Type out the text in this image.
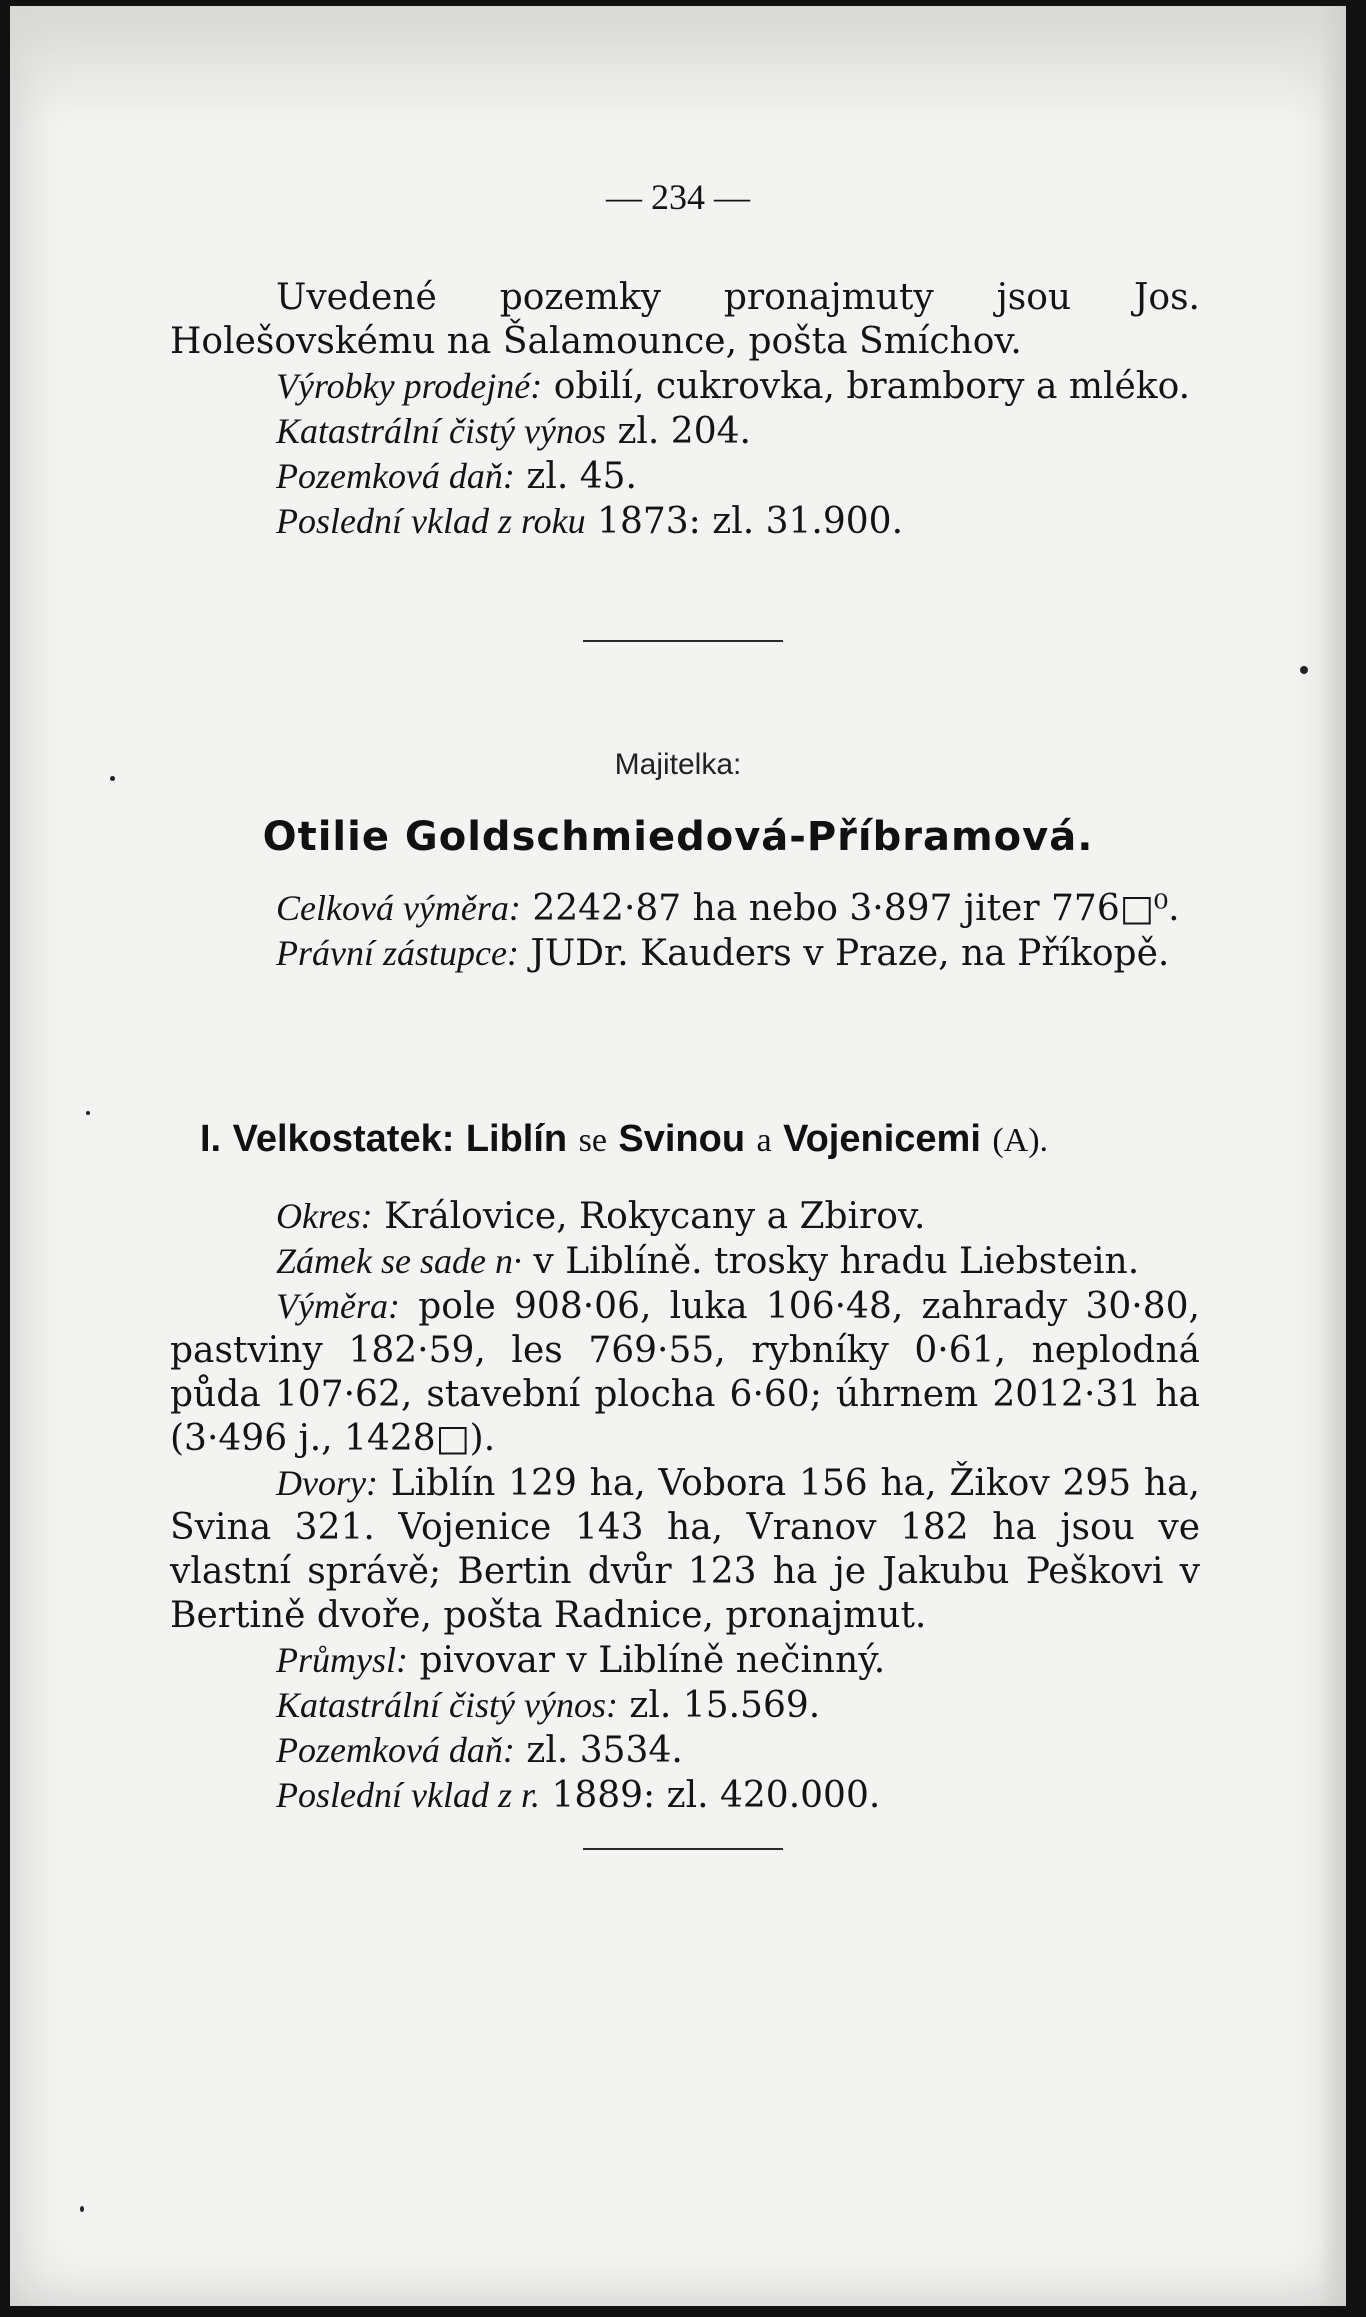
— 234 —

Uvedené pozemky pronajmuty jsou Jos. Holešovskému na Šalamounce, pošta Smíchov.

Výrobky prodejné: obilí, cukrovka, brambory a mléko.

Katastrální čistý výnos zl. 204.

Pozemková daň: zl. 45.

Poslední vklad z roku 1873: zl. 31.900.

Majitelka:
Otilie Goldschmiedová-Příbramová.

Celková výměra: 2242·87 ha nebo 3·897 jiter 776□⁰.

Právní zástupce: JUDr. Kauders v Praze, na Příkopě.

I. Velkostatek: Liblín se Svinou a Vojenicemi (A).

Okres: Královice, Rokycany a Zbirov.

Zámek se sade n· v Liblíně. trosky hradu Liebstein.

Výměra: pole 908·06, luka 106·48, zahrady 30·80, pastviny 182·59, les 769·55, rybníky 0·61, neplodná půda 107·62, stavební plocha 6·60; úhrnem 2012·31 ha (3·496 j., 1428□).

Dvory: Liblín 129 ha, Vobora 156 ha, Žikov 295 ha, Svina 321. Vojenice 143 ha, Vranov 182 ha jsou ve vlastní správě; Bertin dvůr 123 ha je Jakubu Peškovi v Bertině dvoře, pošta Radnice, pronajmut.

Průmysl: pivovar v Liblíně nečinný.

Katastrální čistý výnos: zl. 15.569.

Pozemková daň: zl. 3534.

Poslední vklad z r. 1889: zl. 420.000.
